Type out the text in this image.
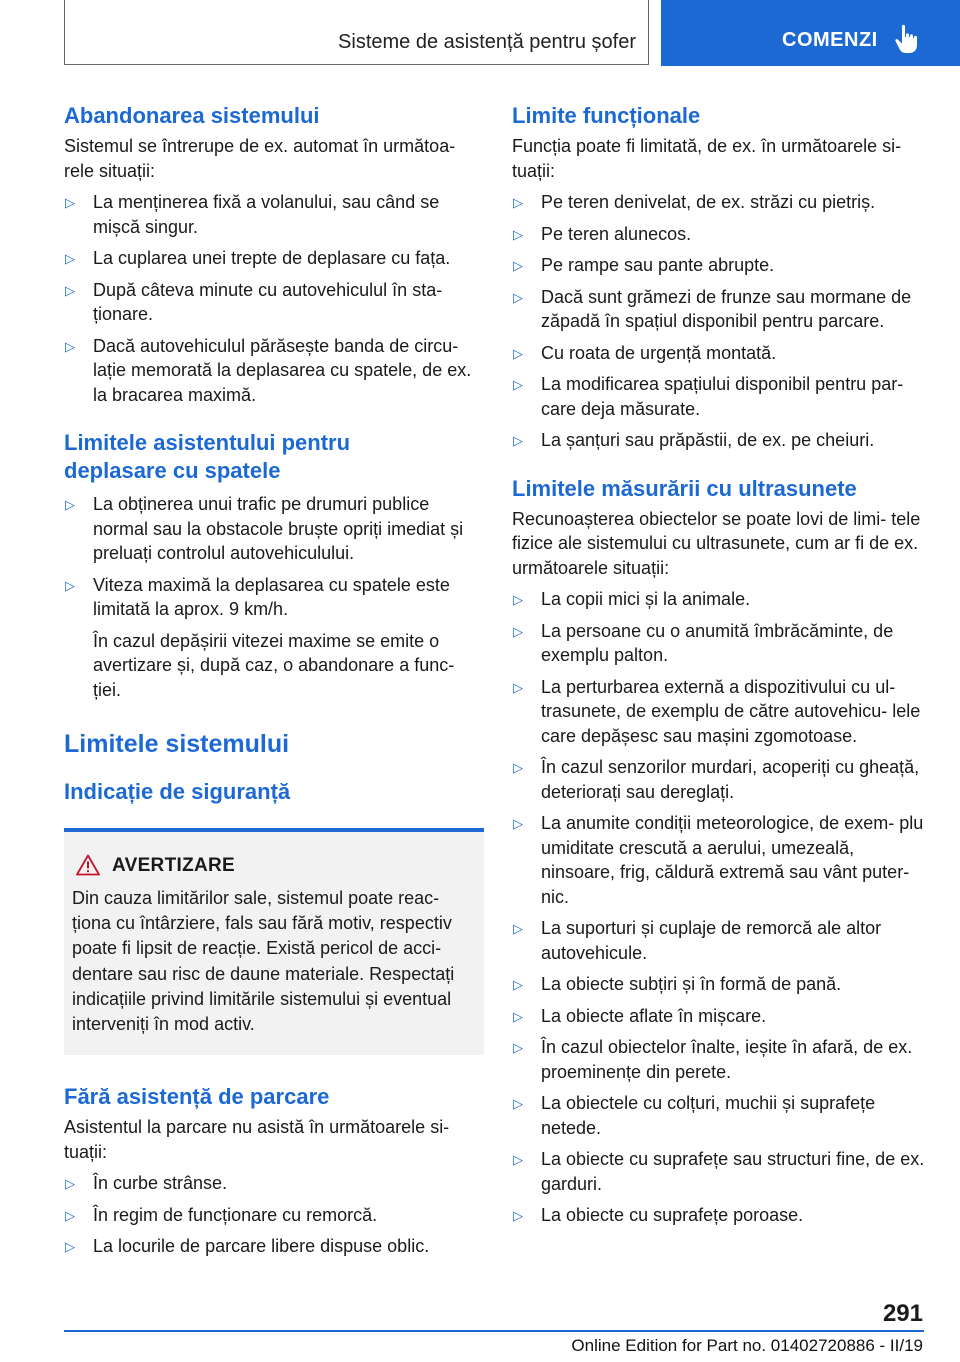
Sisteme de asistență pentru șofer	COMENZI
Abandonarea sistemului

Sistemul se întrerupe de ex. automat în următoa- rele situații:

▷ La menținerea fixă a volanului, sau când se mișcă singur.
▷ La cuplarea unei trepte de deplasare cu fața.
▷ După câteva minute cu autovehiculul în sta- ționare.
▷ Dacă autovehiculul părăsește banda de circu- lație memorată la deplasarea cu spatele, de ex. la bracarea maximă.
Limitele asistentului pentru deplasare cu spatele
▷ La obținerea unui trafic pe drumuri publice normal sau la obstacole bruște opriți imediat și preluați controlul autovehiculului.
▷ Viteza maximă la deplasarea cu spatele este limitată la aprox. 9 km/h.
În cazul depășirii vitezei maxime se emite o avertizare și, după caz, o abandonare a func- ției.
Limitele sistemului
Indicație de siguranță
AVERTIZARE

Din cauza limitărilor sale, sistemul poate reac- ționa cu întârziere, fals sau fără motiv, respectiv poate fi lipsit de reacție. Există pericol de acci- dentare sau risc de daune materiale. Respectați indicațiile privind limitările sistemului și eventual interveniți în mod activ.

Fără asistență de parcare

Asistentul la parcare nu asistă în următoarele si- tuații:

▷ În curbe strânse.
▷ În regim de funcționare cu remorcă.
▷ La locurile de parcare libere dispuse oblic.
Limite funcționale

Funcția poate fi limitată, de ex. în următoarele si- tuații:

▷ Pe teren denivelat, de ex. străzi cu pietriș.
▷ Pe teren alunecos.
▷ Pe rampe sau pante abrupte.
▷ Dacă sunt grămezi de frunze sau mormane de zăpadă în spațiul disponibil pentru parcare.
▷ Cu roata de urgență montată.
▷ La modificarea spațiului disponibil pentru par- care deja măsurate.
▷ La șanțuri sau prăpăstii, de ex. pe cheiuri.
Limitele măsurării cu ultrasunete

Recunoașterea obiectelor se poate lovi de limi- tele fizice ale sistemului cu ultrasunete, cum ar fi de ex. următoarele situații:

▷ La copii mici și la animale.
▷ La persoane cu o anumită îmbrăcăminte, de exemplu palton.
▷ La perturbarea externă a dispozitivului cu ul- trasunete, de exemplu de către autovehicu- lele care depășesc sau mașini zgomotoase.
▷ În cazul senzorilor murdari, acoperiți cu gheață, deteriorați sau dereglați.
▷ La anumite condiții meteorologice, de exem- plu umiditate crescută a aerului, umezeală, ninsoare, frig, căldură extremă sau vânt puter- nic.
▷ La suporturi și cuplaje de remorcă ale altor autovehicule.
▷ La obiecte subțiri și în formă de pană.
▷ La obiecte aflate în mișcare.
▷ În cazul obiectelor înalte, ieșite în afară, de ex. proeminențe din perete.
▷ La obiectele cu colțuri, muchii și suprafețe netede.
▷ La obiecte cu suprafețe sau structuri fine, de ex. garduri.
▷ La obiecte cu suprafețe poroase.
291
Online Edition for Part no. 01402720886 - II/19
